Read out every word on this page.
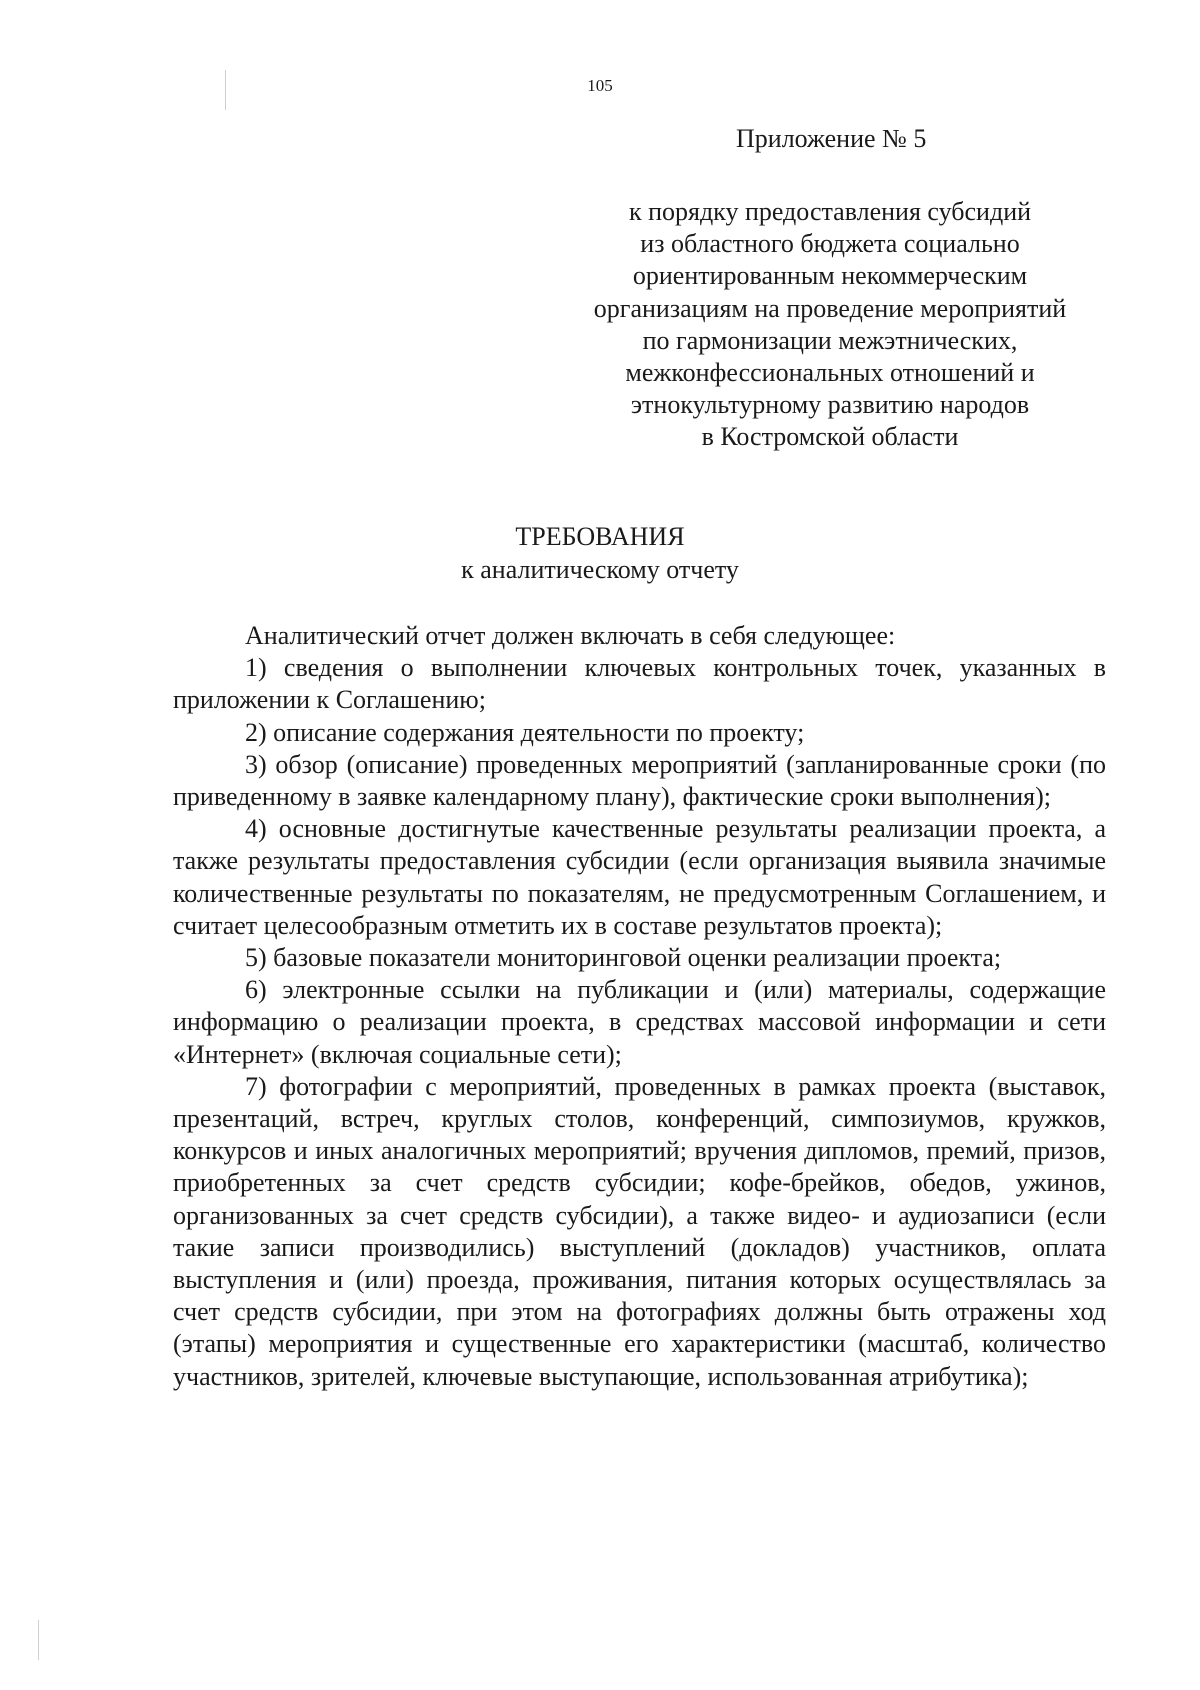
105
Приложение № 5
к порядку предоставления субсидий
из областного бюджета социально
ориентированным некоммерческим
организациям на проведение мероприятий
по гармонизации межэтнических,
межконфессиональных отношений и
этнокультурному развитию народов
в Костромской области
ТРЕБОВАНИЯ
к аналитическому отчету

Аналитический отчет должен включать в себя следующее:

1) сведения о выполнении ключевых контрольных точек, указанных в приложении к Соглашению;

2) описание содержания деятельности по проекту;

3) обзор (описание) проведенных мероприятий (запланированные сроки (по приведенному в заявке календарному плану), фактические сроки выполнения);

4) основные достигнутые качественные результаты реализации проекта, а также результаты предоставления субсидии (если организация выявила значимые количественные результаты по показателям, не предусмотренным Соглашением, и считает целесообразным отметить их в составе результатов проекта);

5) базовые показатели мониторинговой оценки реализации проекта;

6) электронные ссылки на публикации и (или) материалы, содержащие информацию о реализации проекта, в средствах массовой информации и сети «Интернет» (включая социальные сети);

7) фотографии с мероприятий, проведенных в рамках проекта (выставок, презентаций, встреч, круглых столов, конференций, симпозиумов, кружков, конкурсов и иных аналогичных мероприятий; вручения дипломов, премий, призов, приобретенных за счет средств субсидии; кофе-брейков, обедов, ужинов, организованных за счет средств субсидии), а также видео- и аудиозаписи (если такие записи производились) выступлений (докладов) участников, оплата выступления и (или) проезда, проживания, питания которых осуществлялась за счет средств субсидии, при этом на фотографиях должны быть отражены ход (этапы) мероприятия и существенные его характеристики (масштаб, количество участников, зрителей, ключевые выступающие, использованная атрибутика);
